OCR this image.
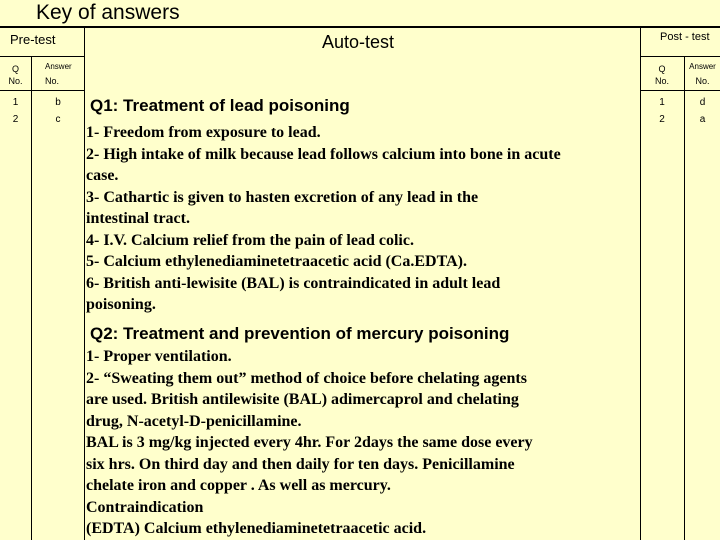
Key of answers
Pre-test
Q
No.
Answer
No.
1
2
b
c
Auto-test
Q1: Treatment of lead poisoning
1- Freedom from exposure to lead.
2- High intake of milk because lead follows calcium into bone in acute
case.
3- Cathartic is given to hasten excretion of any lead in the
intestinal tract.
4- I.V. Calcium relief from the pain of lead colic.
5- Calcium ethylenediaminetetraacetic acid (Ca.EDTA).
6- British anti-lewisite (BAL) is contraindicated in adult lead
poisoning.
Q2: Treatment and prevention of mercury poisoning
1- Proper ventilation.
2- “Sweating them out” method of choice before chelating agents
are used. British antilewisite (BAL) adimercaprol and chelating
drug, N-acetyl-D-penicillamine.
BAL is 3 mg/kg injected every 4hr. For 2days the same dose every
six hrs. On third day and then daily for ten days. Penicillamine
chelate iron and copper . As well as mercury.
Contraindication
(EDTA) Calcium ethylenediaminetetraacetic acid.
Post - test
Q
No.
Answer
No.
1
2
d
a
